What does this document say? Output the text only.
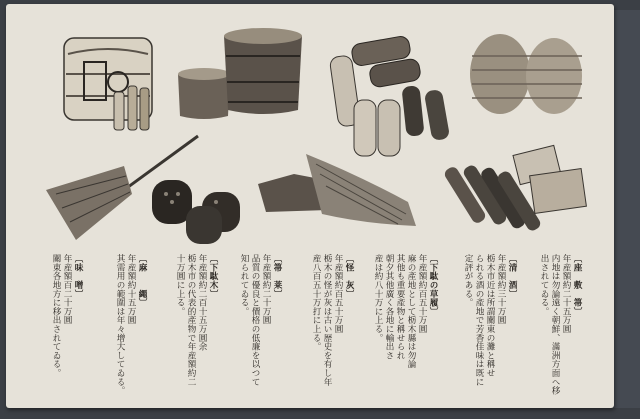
〔味　噌〕
年産額百二十万圓
關東各地方に移出されてゐる。	〔麻　　繩〕
年産額約十五万圓
其需用の範圍は年々增大してゐる。	〔下駄木〕
年産額約二百十五万圓余
栃木市の代表的產物で年産額約二
十万圓に上る。	〔箒　莱〕
年産額約二十万圓
品質の優良と價格の低廉を以つて
知られてゐる。	〔怪　灰〕
年産額約百五十万圓
栃木の怪が灰は古い歴史を有し年
産八百五十万打に上る。	〔下駄の草履〕
年産額約百五十万圓
麻の產地として栃木縣は勿論
其他も重要產物と稱せられ
朝夕其他廣く各地に輸出さ
産は約八十万に上る。	〔清　酒〕
年産額約三十万圓
栃木市近は所謂關東の灘と稱せ
られる酒の產地で芳香佳味は既に
定評がある。	〔座　敷　箒〕
年産額約二十五万圓
内地は勿論遠く朝鮮、滿洲方面へ移
出されてゐる。
